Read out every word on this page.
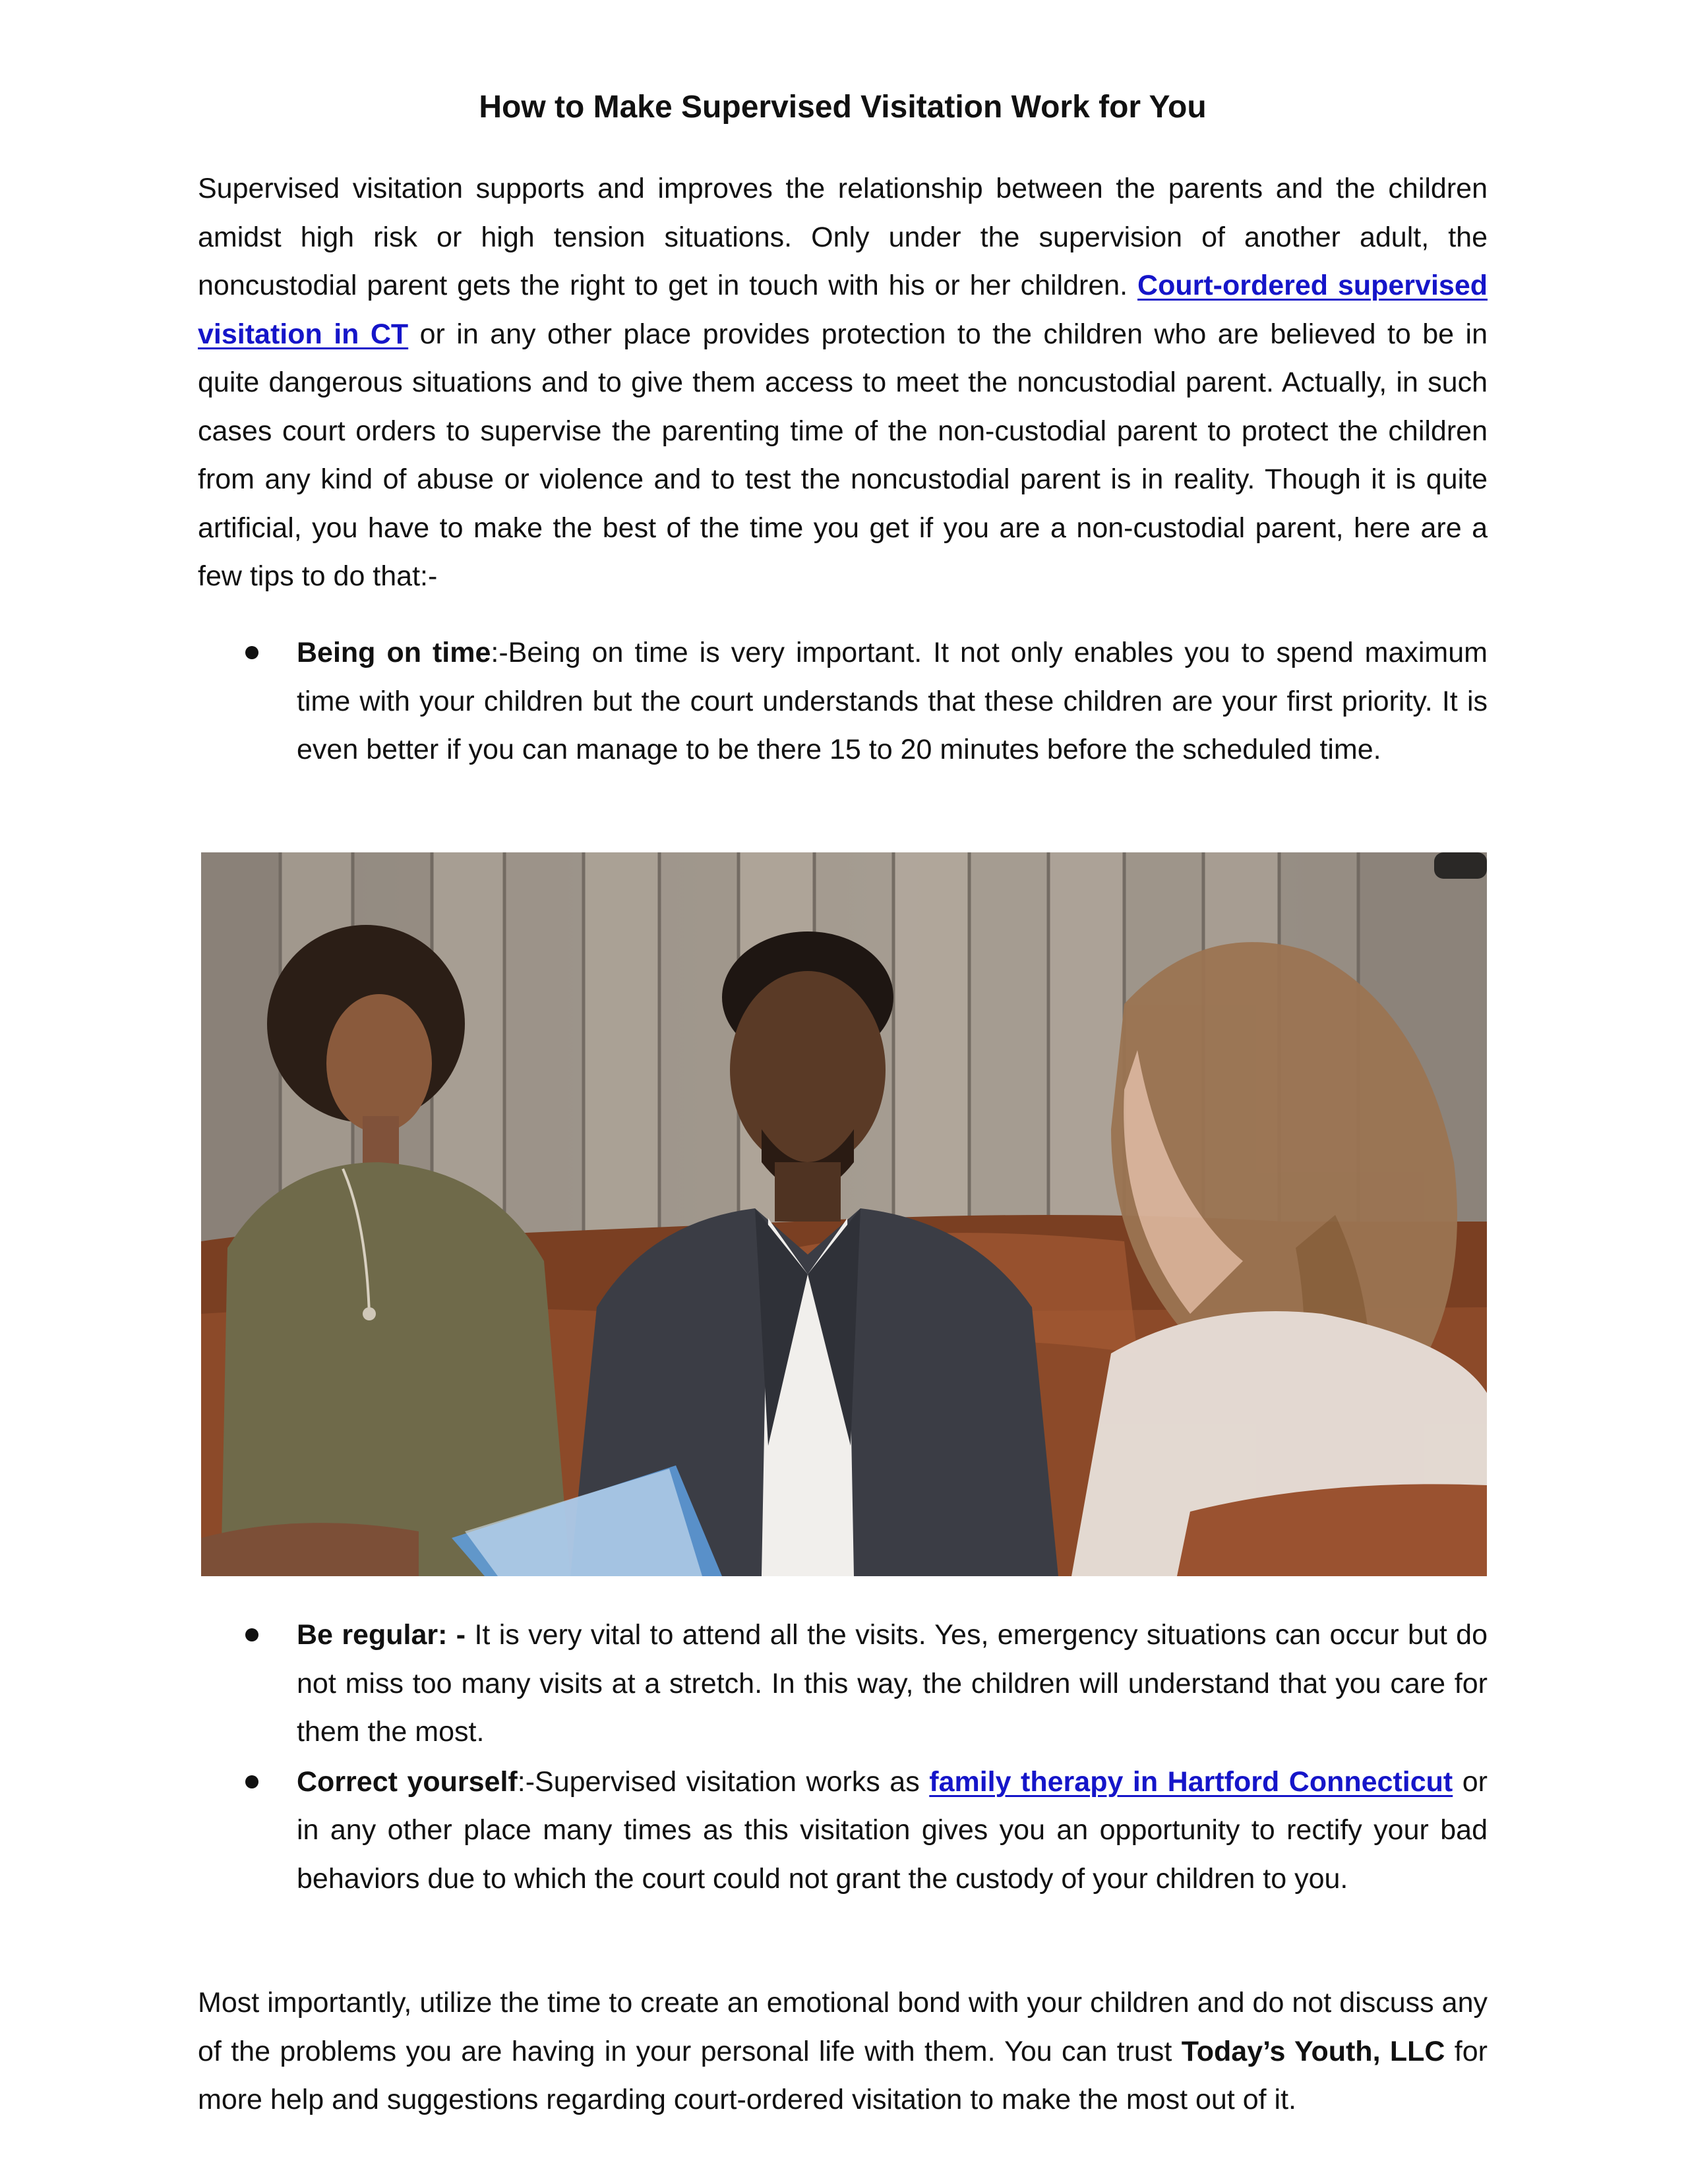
How to Make Supervised Visitation Work for You

Supervised visitation supports and improves the relationship between the parents and the children amidst high risk or high tension situations. Only under the supervision of another adult, the noncustodial parent gets the right to get in touch with his or her children. Court-ordered supervised visitation in CT or in any other place provides protection to the children who are believed to be in quite dangerous situations and to give them access to meet the noncustodial parent. Actually, in such cases court orders to supervise the parenting time of the non-custodial parent to protect the children from any kind of abuse or violence and to test the noncustodial parent is in reality. Though it is quite artificial, you have to make the best of the time you get if you are a non-custodial parent, here are a few tips to do that:-

Being on time:-Being on time is very important. It not only enables you to spend maximum time with your children but the court understands that these children are your first priority. It is even better if you can manage to be there 15 to 20 minutes before the scheduled time.
Be regular: - It is very vital to attend all the visits. Yes, emergency situations can occur but do not miss too many visits at a stretch. In this way, the children will understand that you care for them the most.
Correct yourself:-Supervised visitation works as family therapy in Hartford Connecticut or in any other place many times as this visitation gives you an opportunity to rectify your bad behaviors due to which the court could not grant the custody of your children to you.

Most importantly, utilize the time to create an emotional bond with your children and do not discuss any of the problems you are having in your personal life with them. You can trust Today’s Youth, LLC for more help and suggestions regarding court-ordered visitation to make the most out of it.
